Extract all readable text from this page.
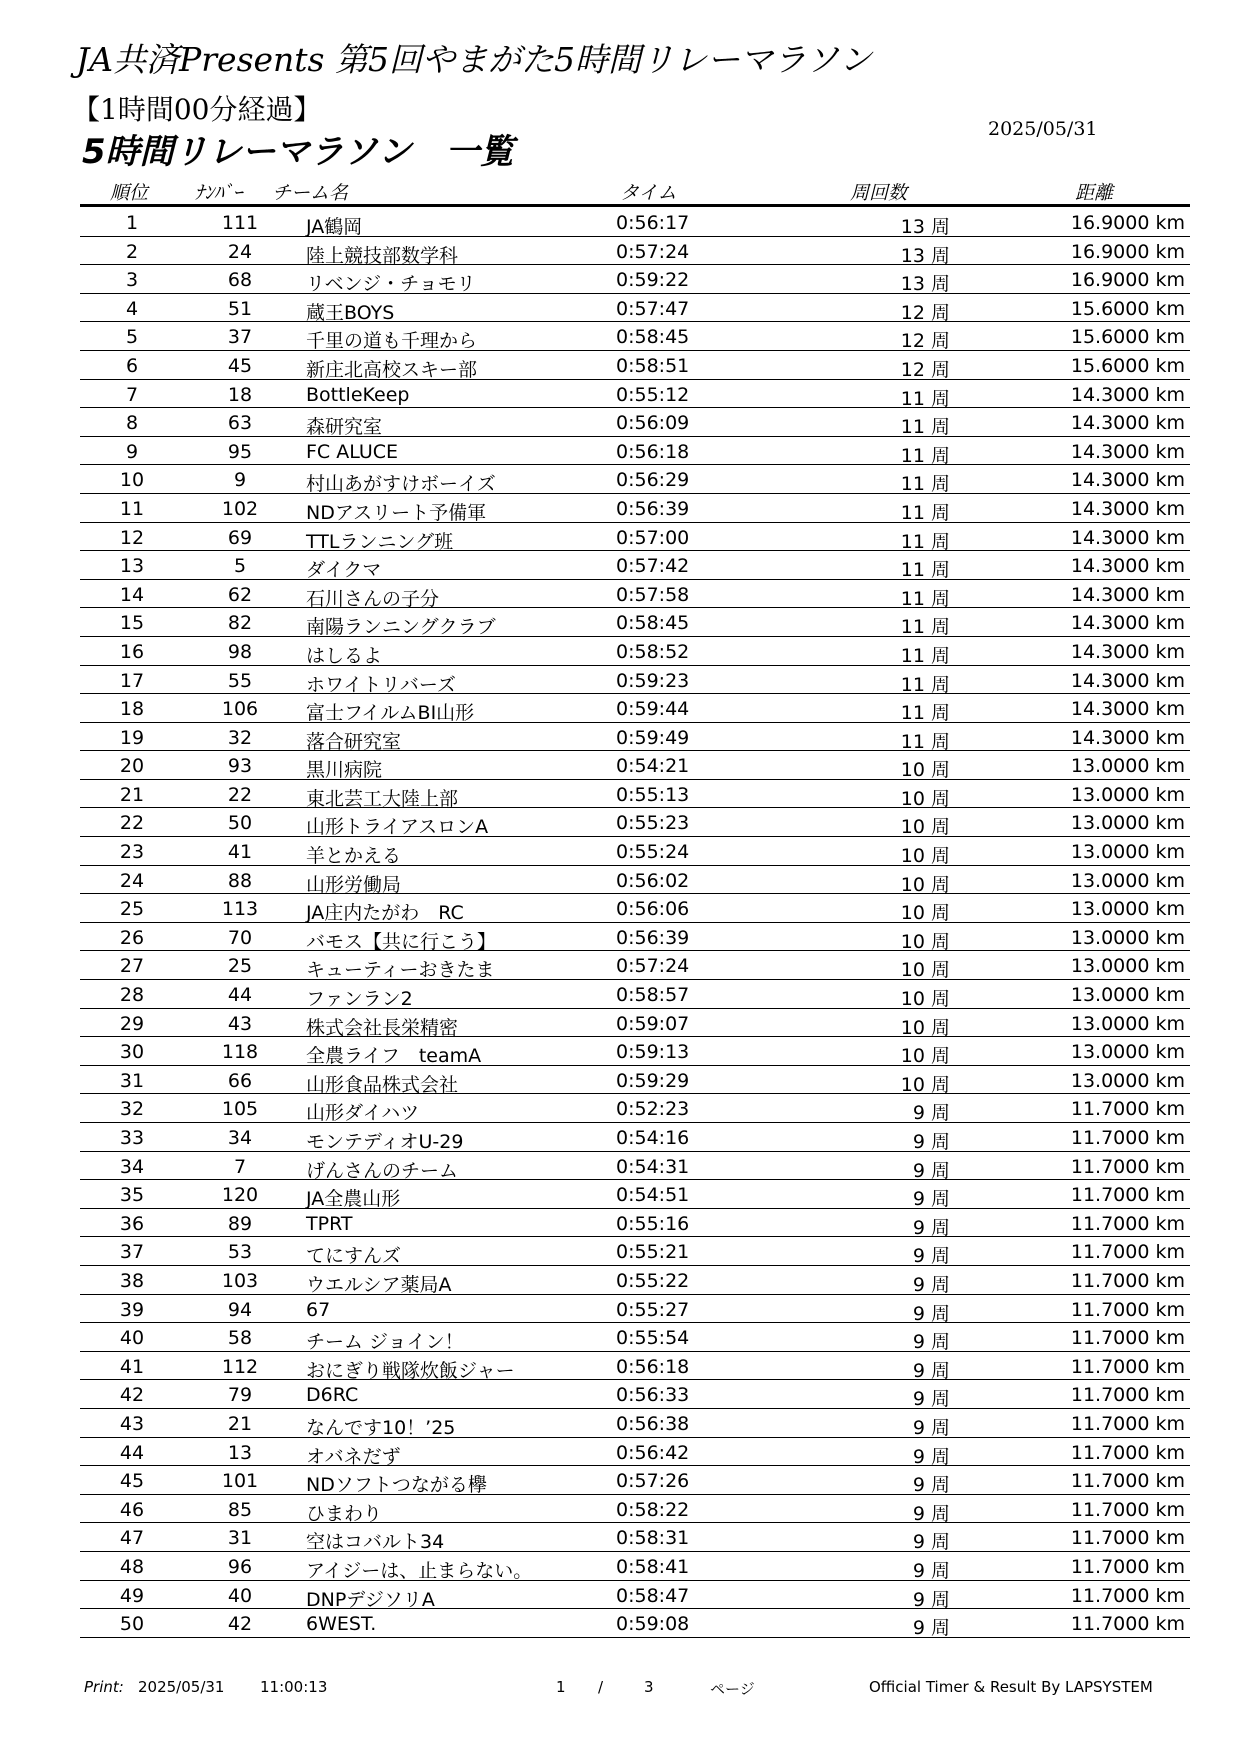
JA共済Presents 第5回やまがた5時間リレーマラソン
【1時間00分経過】
2025/05/31
5時間リレーマラソン　一覧
順位 ﾅﾝﾊﾞｰ チーム名	タイム	周回数	距離
1	111	JA鶴岡	0:56:17	13 周	16.9000 km
2	24	陸上競技部数学科	0:57:24	13 周	16.9000 km
3	68	リベンジ・チョモリ	0:59:22	13 周	16.9000 km
4	51	蔵王BOYS	0:57:47	12 周	15.6000 km
5	37	千里の道も千理から	0:58:45	12 周	15.6000 km
6	45	新庄北高校スキー部	0:58:51	12 周	15.6000 km
7	18	BottleKeep	0:55:12	11 周	14.3000 km
8	63	森研究室	0:56:09	11 周	14.3000 km
9	95	FC ALUCE	0:56:18	11 周	14.3000 km
10	9	村山あがすけボーイズ	0:56:29	11 周	14.3000 km
11	102	NDアスリート予備軍	0:56:39	11 周	14.3000 km
12	69	TTLランニング班	0:57:00	11 周	14.3000 km
13	5	ダイクマ	0:57:42	11 周	14.3000 km
14	62	石川さんの子分	0:57:58	11 周	14.3000 km
15	82	南陽ランニングクラブ	0:58:45	11 周	14.3000 km
16	98	はしるよ	0:58:52	11 周	14.3000 km
17	55	ホワイトリバーズ	0:59:23	11 周	14.3000 km
18	106	富士フイルムBI山形	0:59:44	11 周	14.3000 km
19	32	落合研究室	0:59:49	11 周	14.3000 km
20	93	黒川病院	0:54:21	10 周	13.0000 km
21	22	東北芸工大陸上部	0:55:13	10 周	13.0000 km
22	50	山形トライアスロンA	0:55:23	10 周	13.0000 km
23	41	羊とかえる	0:55:24	10 周	13.0000 km
24	88	山形労働局	0:56:02	10 周	13.0000 km
25	113	JA庄内たがわ　RC	0:56:06	10 周	13.0000 km
26	70	バモス【共に行こう】	0:56:39	10 周	13.0000 km
27	25	キューティーおきたま	0:57:24	10 周	13.0000 km
28	44	ファンラン2	0:58:57	10 周	13.0000 km
29	43	株式会社長栄精密	0:59:07	10 周	13.0000 km
30	118	全農ライフ　teamA	0:59:13	10 周	13.0000 km
31	66	山形食品株式会社	0:59:29	10 周	13.0000 km
32	105	山形ダイハツ	0:52:23	9 周	11.7000 km
33	34	モンテディオU-29	0:54:16	9 周	11.7000 km
34	7	げんさんのチーム	0:54:31	9 周	11.7000 km
35	120	JA全農山形	0:54:51	9 周	11.7000 km
36	89	TPRT	0:55:16	9 周	11.7000 km
37	53	てにすんズ	0:55:21	9 周	11.7000 km
38	103	ウエルシア薬局A	0:55:22	9 周	11.7000 km
39	94	67	0:55:27	9 周	11.7000 km
40	58	チーム ジョイン！	0:55:54	9 周	11.7000 km
41	112	おにぎり戦隊炊飯ジャー	0:56:18	9 周	11.7000 km
42	79	D6RC	0:56:33	9 周	11.7000 km
43	21	なんです10！’25	0:56:38	9 周	11.7000 km
44	13	オバネだず	0:56:42	9 周	11.7000 km
45	101	NDソフトつながる欅	0:57:26	9 周	11.7000 km
46	85	ひまわり	0:58:22	9 周	11.7000 km
47	31	空はコバルト34	0:58:31	9 周	11.7000 km
48	96	アイジーは、止まらない。	0:58:41	9 周	11.7000 km
49	40	DNPデジソリA	0:58:47	9 周	11.7000 km
50	42	6WEST.	0:59:08	9 周	11.7000 km
Print: 2025/05/31 11:00:13	1 /	3	ページ	Official Timer & Result By LAPSYSTEM
